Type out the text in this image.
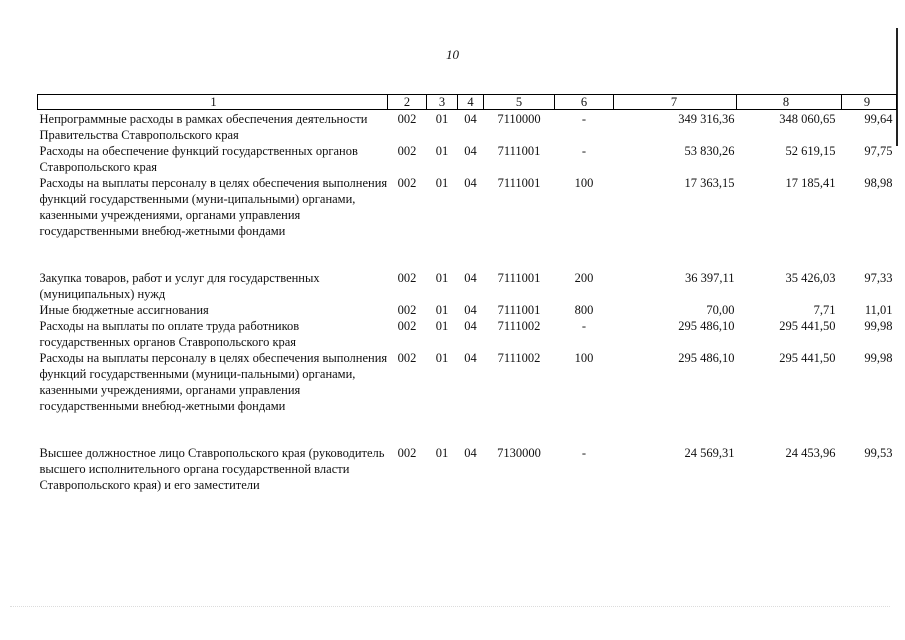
10
1	2	3	4	5	6	7	8	9
Непрограммные расходы в рамках обеспечения деятельности Правительства Ставропольского края	002	01	04	7110000	-	349 316,36	348 060,65	99,64
Расходы на обеспечение функций государственных органов Ставропольского края	002	01	04	7111001	-	53 830,26	52 619,15	97,75
Расходы на выплаты персоналу в целях обеспечения выполнения функций государственными (муни-ципальными) органами, казенными учреждениями, органами управления государственными внебюд-жетными фондами	002	01	04	7111001	100	17 363,15	17 185,41	98,98
Закупка товаров, работ и услуг для государственных (муниципальных) нужд	002	01	04	7111001	200	36 397,11	35 426,03	97,33
Иные бюджетные ассигнования	002	01	04	7111001	800	70,00	7,71	11,01
Расходы на выплаты по оплате труда работников государственных органов Ставропольского края	002	01	04	7111002	-	295 486,10	295 441,50	99,98
Расходы на выплаты персоналу в целях обеспечения выполнения функций государственными (муници-пальными) органами, казенными учреждениями, органами управления государственными внебюд-жетными фондами	002	01	04	7111002	100	295 486,10	295 441,50	99,98
Высшее должностное лицо Ставропольского края (руководитель высшего исполнительного органа государственной власти Ставропольского края) и его заместители	002	01	04	7130000	-	24 569,31	24 453,96	99,53
